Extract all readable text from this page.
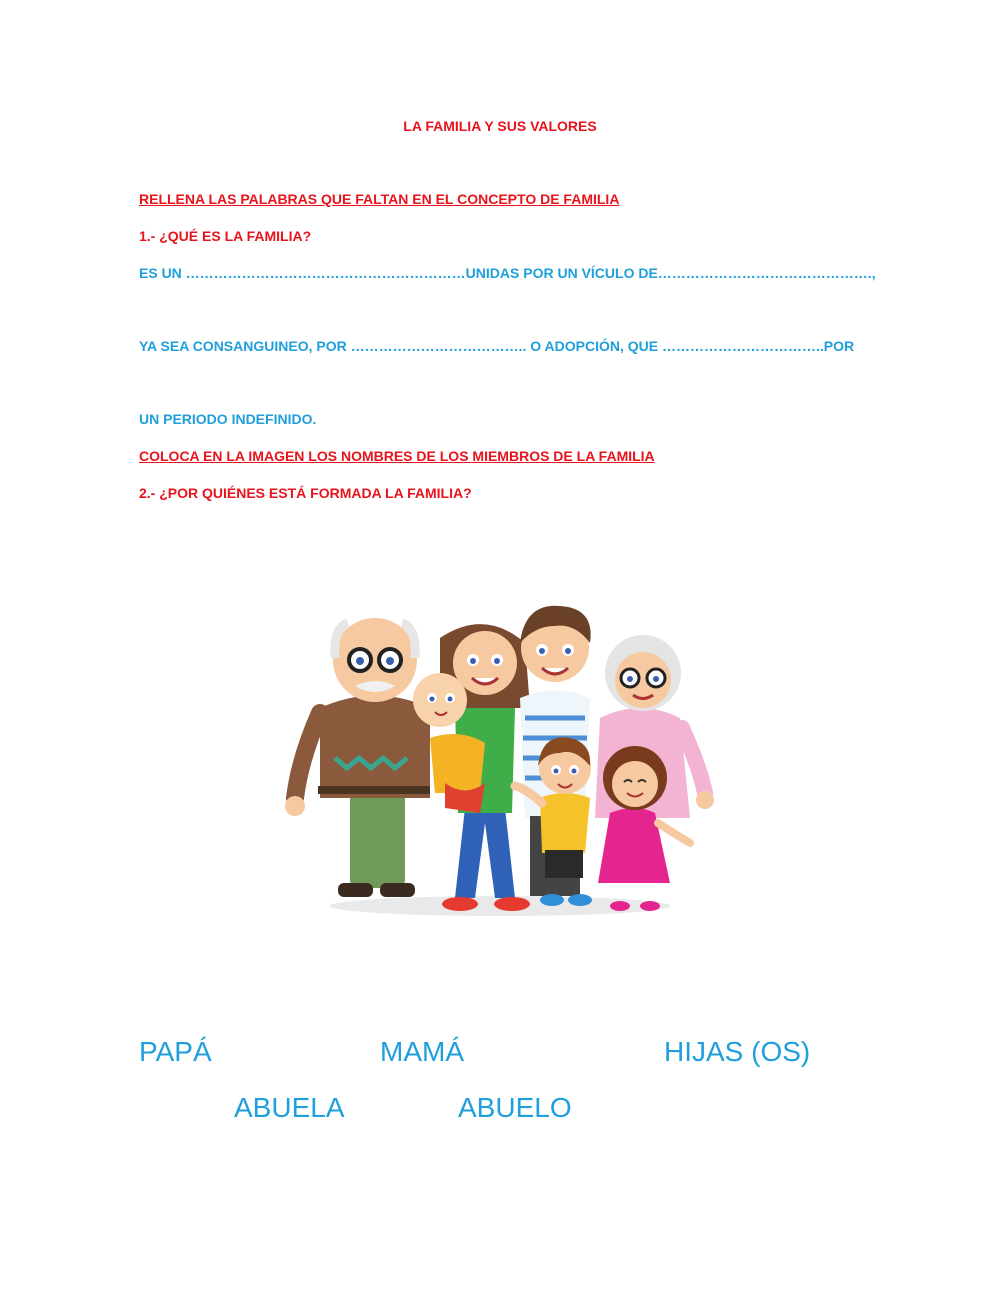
LA FAMILIA Y SUS VALORES
RELLENA LAS PALABRAS QUE FALTAN EN EL CONCEPTO DE FAMILIA
1.- ¿QUÉ ES LA FAMILIA?
ES UN ……………………………………………………UNIDAS POR UN VÍCULO DE……………………………………….,
YA SEA CONSANGUINEO, POR ……………………………….. O ADOPCIÓN, QUE ……………………………..POR
UN PERIODO INDEFINIDO.
COLOCA EN LA IMAGEN LOS NOMBRES DE LOS MIEMBROS DE LA FAMILIA
2.- ¿POR QUIÉNES ESTÁ FORMADA LA FAMILIA?
PAPÁ	MAMÁ	HIJAS (OS)
ABUELA	ABUELO
